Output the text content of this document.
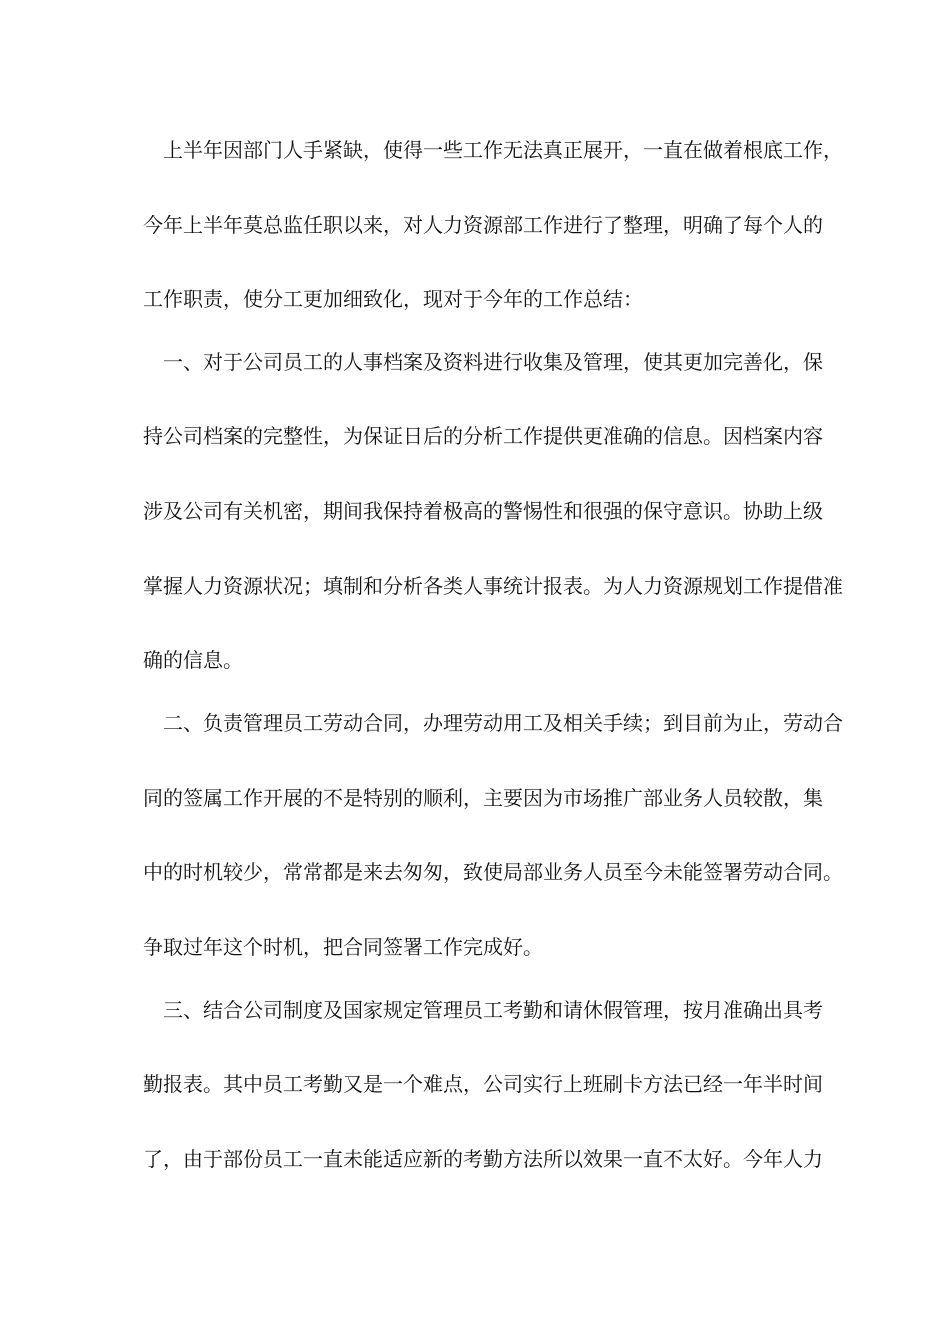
上半年因部门人手紧缺，使得一些工作无法真正展开，一直在做着根底工作，
今年上半年莫总监任职以来，对人力资源部工作进行了整理，明确了每个人的
工作职责，使分工更加细致化，现对于今年的工作总结：
一、对于公司员工的人事档案及资料进行收集及管理，使其更加完善化，保
持公司档案的完整性，为保证日后的分析工作提供更准确的信息。因档案内容
涉及公司有关机密，期间我保持着极高的警惕性和很强的保守意识。协助上级
掌握人力资源状况；填制和分析各类人事统计报表。为人力资源规划工作提借准
确的信息。
二、负责管理员工劳动合同，办理劳动用工及相关手续；到目前为止，劳动合
同的签属工作开展的不是特别的顺利，主要因为市场推广部业务人员较散，集
中的时机较少，常常都是来去匆匆，致使局部业务人员至今未能签署劳动合同。
争取过年这个时机，把合同签署工作完成好。
三、结合公司制度及国家规定管理员工考勤和请休假管理，按月准确出具考
勤报表。其中员工考勤又是一个难点，公司实行上班刷卡方法已经一年半时间
了，由于部份员工一直未能适应新的考勤方法所以效果一直不太好。今年人力
